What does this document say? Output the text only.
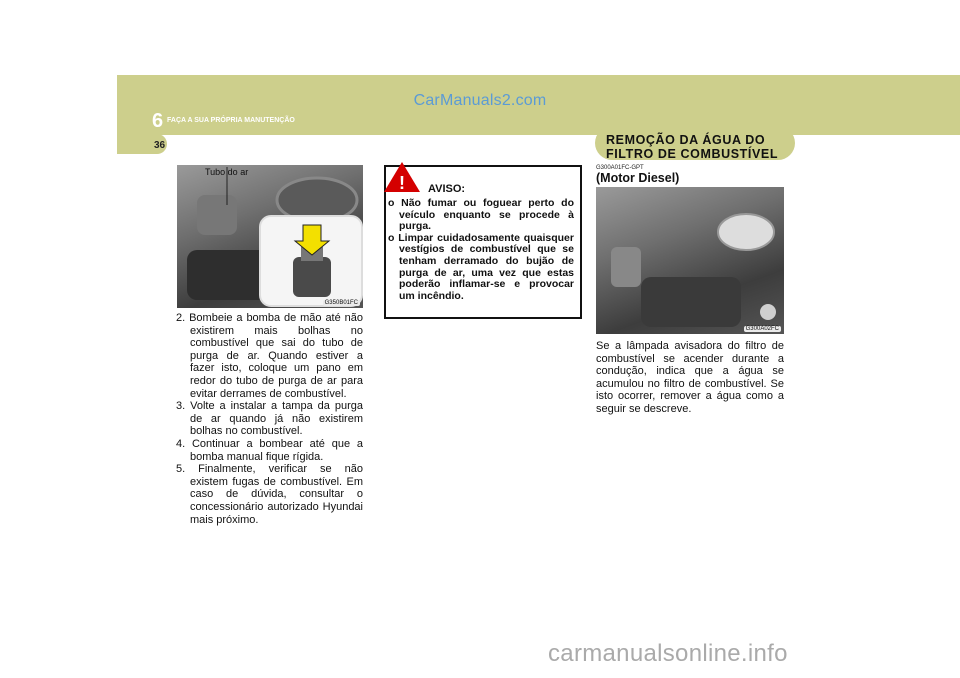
CarManuals2.com
6 FAÇA A SUA PRÓPRIA MANUTENÇÃO
36	REMOÇÃO DA ÁGUA DO
FILTRO DE COMBUSTÍVEL
G350B01FC
Tubo do ar
2. Bombeie a bomba de mão até não existirem mais bolhas no combustível que sai do tubo de purga de ar. Quando estiver a fazer isto, coloque um pano em redor do tubo de purga de ar para evitar derrames de combustível.
3. Volte a instalar a tampa da purga de ar quando já não existirem bolhas no combustível.
4. Continuar a bombear até que a bomba manual fique rígida.
5. Finalmente, verificar se não existem fugas de combustível. Em caso de dúvida, consultar o concessionário autorizado Hyundai mais próximo.
! AVISO:

o Não fumar ou foguear perto do veículo enquanto se procede à purga.

o Limpar cuidadosamente quaisquer vestígios de combustível que se tenham derramado do bujão de purga de ar, uma vez que estas poderão inflamar-se e provocar um incêndio.

G300A01FC-GPT
(Motor Diesel)
G300A02FC
Se a lâmpada avisadora do filtro de combustível se acender durante a condução, indica que a água se acumulou no filtro de combustível. Se isto ocorrer, remover a água como a seguir se descreve.
carmanualsonline.info
